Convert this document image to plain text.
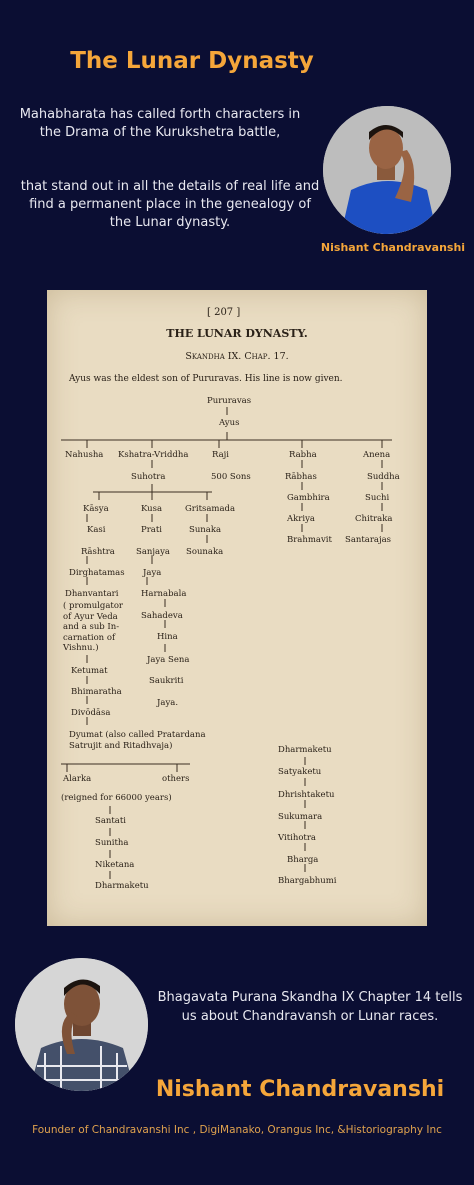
The Lunar Dynasty
Mahabharata has called forth characters in
the Drama of the Kurukshetra battle,
that stand out in all the details of real life and
find a permanent place in the genealogy of
the Lunar dynasty.
Nishant Chandravanshi
[ 207 ]
THE LUNAR DYNASTY.
Skandha IX. Chap. 17.
Ayus was the eldest son of Pururavas. His line is now given.
Pururavas
Ayus
Nahusha Kshatra-Vriddha	Raji	Rabha	Anena
Suhotra	500 Sons	Rābhas	Suddha
Gambhira	Suchi
Akriya	Chitraka
Brahmavit Santarajas
Kāsya	Kusa	Gritsamada
Kasi	Prati	Sunaka
Rāshtra Sanjaya Sounaka
Dirghatamas Jaya
Dhanvantari	Harnabala
( promulgator
of Ayur Veda
and a sub In-
carnation of
Vishnu.)
Sahadeva
Hina
Jaya Sena
Ketumat
Saukriti
Bhimaratha
Jaya.
Divōdāsa
Dyumat (also called Pratardana
Satrujit and Ritadhvaja)	Dharmaketu
Satyaketu
Alarka	others
(reigned for 66000 years)	Dhrishtaketu
Santati	Sukumara
Sunitha	Vitihotra
Niketana	Bharga
Dharmaketu	Bhargabhumi
Bhagavata Purana Skandha IX Chapter 14 tells
us about Chandravansh or Lunar races.
Nishant Chandravanshi
Founder of Chandravanshi Inc , DigiManako, Orangus Inc, &Historiography Inc
